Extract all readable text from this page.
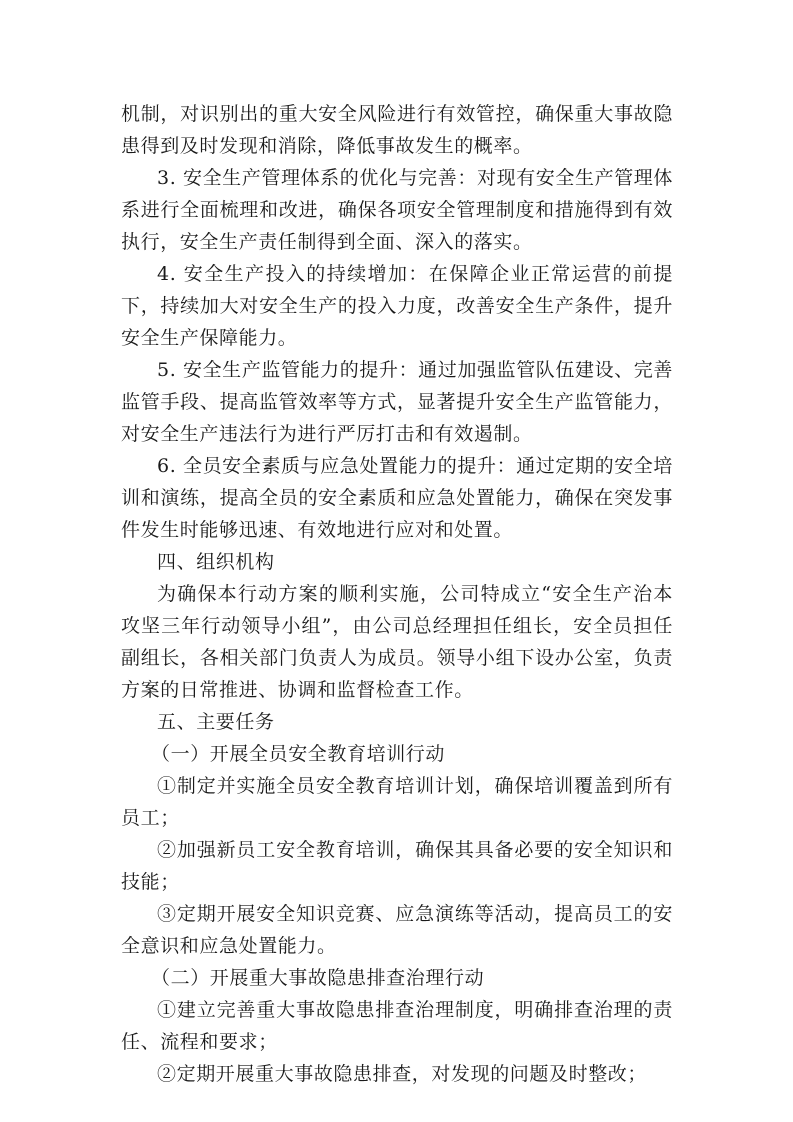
机制，对识别出的重大安全风险进行有效管控，确保重大事故隐患得到及时发现和消除，降低事故发生的概率。

3. 安全生产管理体系的优化与完善：对现有安全生产管理体系进行全面梳理和改进，确保各项安全管理制度和措施得到有效执行，安全生产责任制得到全面、深入的落实。

4. 安全生产投入的持续增加：在保障企业正常运营的前提下，持续加大对安全生产的投入力度，改善安全生产条件，提升安全生产保障能力。

5. 安全生产监管能力的提升：通过加强监管队伍建设、完善监管手段、提高监管效率等方式，显著提升安全生产监管能力，对安全生产违法行为进行严厉打击和有效遏制。

6. 全员安全素质与应急处置能力的提升：通过定期的安全培训和演练，提高全员的安全素质和应急处置能力，确保在突发事件发生时能够迅速、有效地进行应对和处置。

四、组织机构

为确保本行动方案的顺利实施，公司特成立“安全生产治本攻坚三年行动领导小组”，由公司总经理担任组长，安全员担任副组长，各相关部门负责人为成员。领导小组下设办公室，负责方案的日常推进、协调和监督检查工作。

五、主要任务

（一）开展全员安全教育培训行动

①制定并实施全员安全教育培训计划，确保培训覆盖到所有员工；

②加强新员工安全教育培训，确保其具备必要的安全知识和技能；

③定期开展安全知识竞赛、应急演练等活动，提高员工的安全意识和应急处置能力。

（二）开展重大事故隐患排查治理行动

①建立完善重大事故隐患排查治理制度，明确排查治理的责任、流程和要求；

②定期开展重大事故隐患排查，对发现的问题及时整改；
